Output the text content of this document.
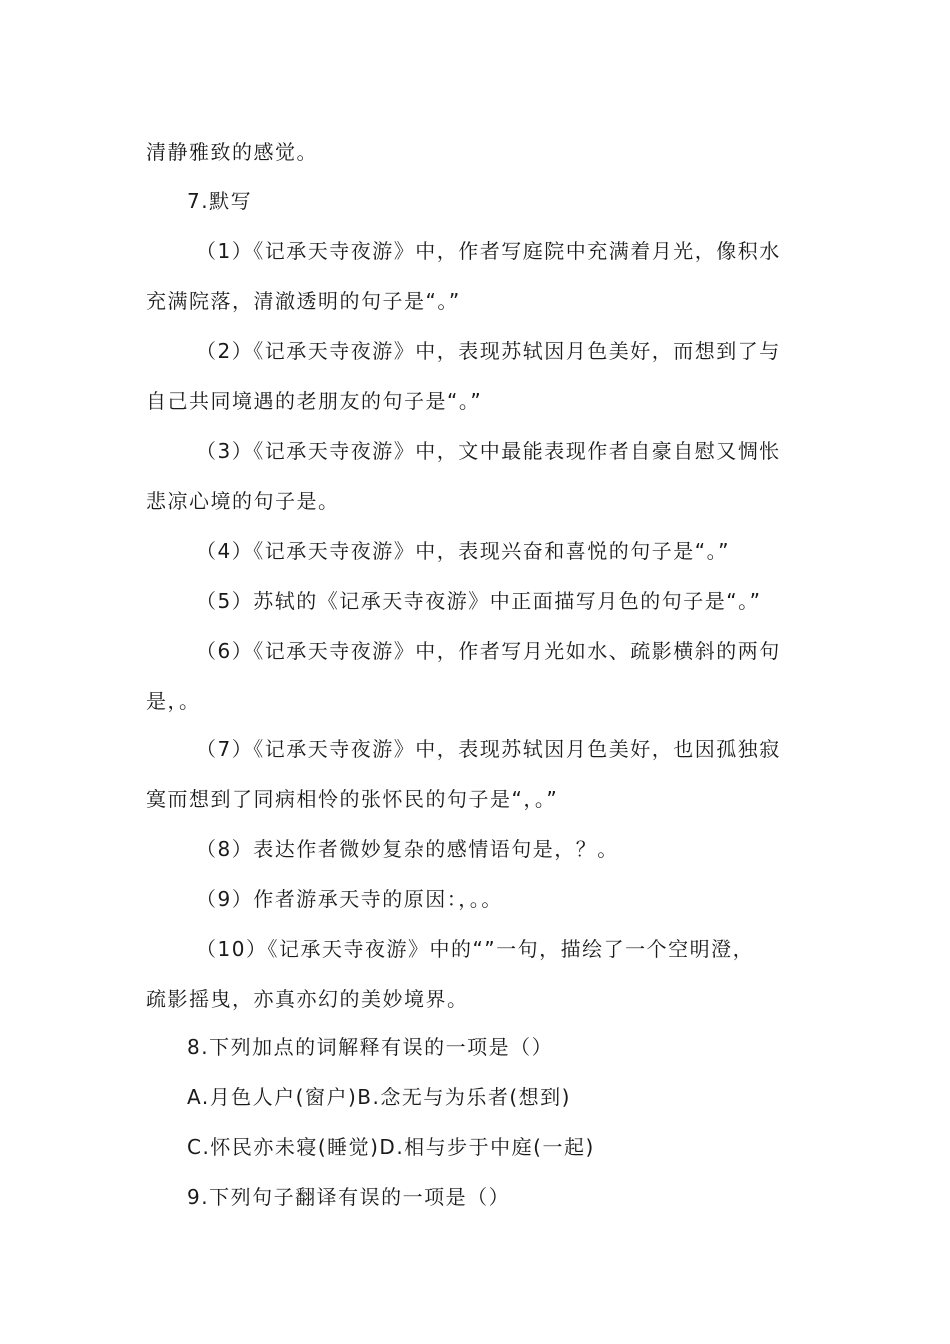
清静雅致的感觉。
7.默写
（1）《记承天寺夜游》中，作者写庭院中充满着月光，像积水
充满院落，清澈透明的句子是“。”
（2）《记承天寺夜游》中，表现苏轼因月色美好，而想到了与
自己共同境遇的老朋友的句子是“。”
（3）《记承天寺夜游》中，文中最能表现作者自豪自慰又惆怅
悲凉心境的句子是。
（4）《记承天寺夜游》中，表现兴奋和喜悦的句子是“。”
（5）苏轼的《记承天寺夜游》中正面描写月色的句子是“。”
（6）《记承天寺夜游》中，作者写月光如水、疏影横斜的两句
是，。
（7）《记承天寺夜游》中，表现苏轼因月色美好，也因孤独寂
寞而想到了同病相怜的张怀民的句子是“，。”
（8）表达作者微妙复杂的感情语句是，？。
（9）作者游承天寺的原因：，。。
（10）《记承天寺夜游》中的“”一句，描绘了一个空明澄，
疏影摇曳，亦真亦幻的美妙境界。
8.下列加点的词解释有误的一项是（）
A.月色人户(窗户)B.念无与为乐者(想到)
C.怀民亦未寝(睡觉)D.相与步于中庭(一起)
9.下列句子翻译有误的一项是（）
